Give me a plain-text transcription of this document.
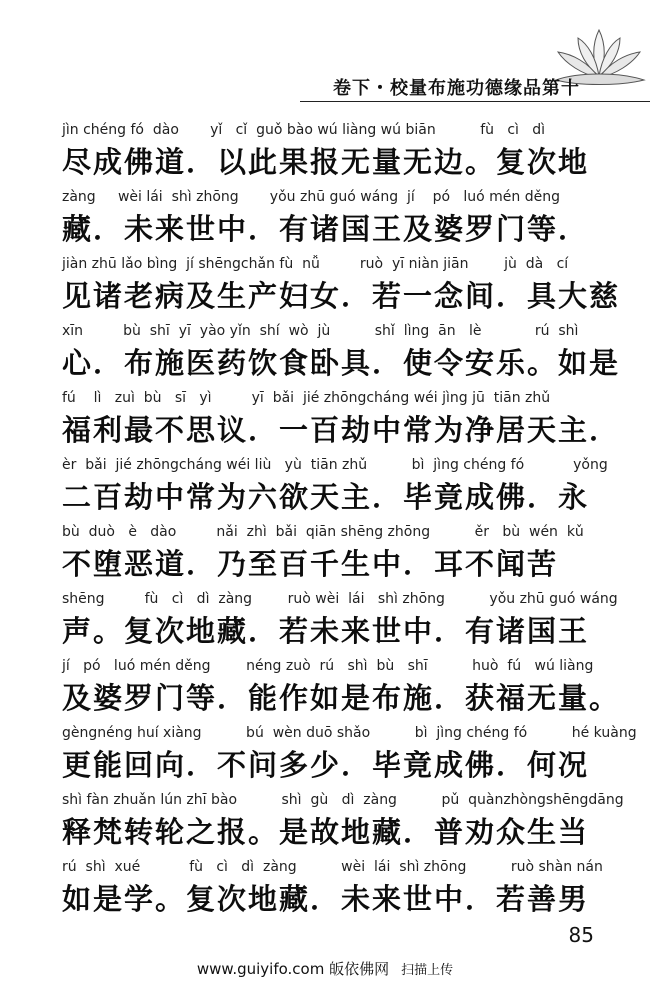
卷下・校量布施功德缘品第十
jìn chéng fó  dào       yǐ   cǐ  guǒ bào wú liàng wú biān          fù   cì   dì
尽成佛道．以此果报无量无边。复次地
zàng     wèi lái  shì zhōng       yǒu zhū guó wáng  jí    pó   luó mén děng
藏．未来世中．有诸国王及婆罗门等．
jiàn zhū lǎo bìng  jí shēngchǎn fù  nǚ         ruò  yī niàn jiān        jù  dà   cí
见诸老病及生产妇女．若一念间．具大慈
xīn         bù  shī  yī  yào yǐn  shí  wò  jù          shǐ  lìng  ān   lè            rú  shì
心．布施医药饮食卧具．使令安乐。如是
fú    lì   zuì  bù   sī   yì         yī  bǎi  jié zhōngcháng wéi jìng jū  tiān zhǔ
福利最不思议．一百劫中常为净居天主．
èr  bǎi  jié zhōngcháng wéi liù   yù  tiān zhǔ          bì  jìng chéng fó           yǒng
二百劫中常为六欲天主．毕竟成佛．永
bù  duò   è   dào         nǎi  zhì  bǎi  qiān shēng zhōng          ěr   bù  wén  kǔ
不堕恶道．乃至百千生中．耳不闻苦
shēng         fù   cì   dì  zàng        ruò wèi  lái   shì zhōng          yǒu zhū guó wáng
声。复次地藏．若未来世中．有诸国王
jí   pó   luó mén děng        néng zuò  rú   shì  bù   shī          huò  fú   wú liàng
及婆罗门等．能作如是布施．获福无量。
gèngnéng huí xiàng          bú  wèn duō shǎo          bì  jìng chéng fó          hé kuàng
更能回向．不问多少．毕竟成佛．何况
shì fàn zhuǎn lún zhī bào          shì  gù   dì  zàng          pǔ  quànzhòngshēngdāng
释梵转轮之报。是故地藏．普劝众生当
rú  shì  xué           fù   cì   dì  zàng          wèi  lái  shì zhōng          ruò shàn nán
如是学。复次地藏．未来世中．若善男
85
www.guiyifo.com 皈依佛网 扫描上传
